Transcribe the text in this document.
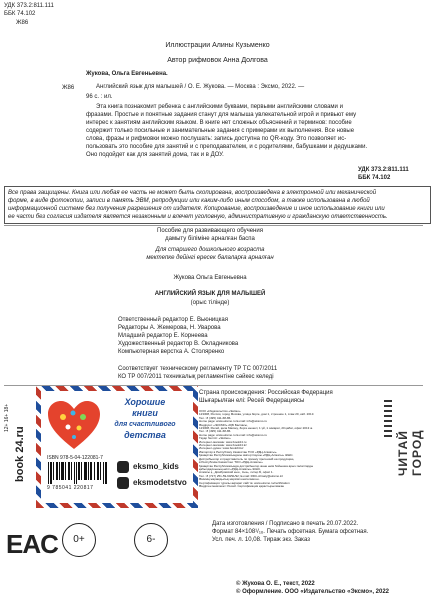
УДК 373.2:811.111
ББК 74.102
Ж86
Иллюстрации Алины Кузьменко
Автор рифмовок Анна Долгова
Ж86
Жукова, Ольга Евгеньевна.
Английский язык для малышей / О. Е. Жукова. — Москва : Эксмо, 2022. —
96 с. : ил.
Эта книга познакомит ребенка с английскими буквами, первыми английскими словами и
фразами. Простые и понятные задания станут для малыша увлекательной игрой и привьют ему
интерес к занятиям английским языком. В книге нет сложных объяснений и терминов: пособие
содержит только посильные и занимательные задания с примерами их выполнения. Все новые
слова, фразы и рифмовки можно послушать: запись доступна по QR-коду. Это позволяет ис-
пользовать это пособие для занятий и с преподавателем, и с родителями, бабушками и дедушками.
Оно подойдет как для занятий дома, так и в ДОУ.
УДК 373.2:811.111
ББК 74.102
Все права защищены. Книга или любая ее часть не может быть скопирована, воспроизведена в электронной или механической
форме, в виде фотокопии, записи в память ЭВМ, репродукции или каким-либо иным способом, а также использована в любой
информационной системе без получения разрешения от издателя. Копирование, воспроизведение и иное использование книги или
ее части без согласия издателя является незаконным и влечет уголовную, административную и гражданскую ответственность.
Пособие для развивающего обучения
дамыту бiлiмiне арналған баспа
Для старшего дошкольного возраста
мектепке дейiнгi ересек балаларға арналған
Жукова Ольга Евгеньевна
АНГЛИЙСКИЙ ЯЗЫК ДЛЯ МАЛЫШЕЙ
(орыс тiлiнде)
Ответственный редактор Е. Вьюницкая
Редакторы А. Жемерова, Н. Уварова
Младший редактор Е. Корнеева
Художественный редактор В. Окладникова
Компьютерная верстка А. Столяренко
Соответствует техническому регламенту ТР ТС 007/2011
КО ТР 007/2011 техникалық регламентiне сәйкес келедi
12+ 16+ 18+
Хорошие
книги
для счастливого
детства
ISBN 978-5-04-122081-7
9 785041 220817
eksmo_kids
eksmodetstvo
book 24.ru
Страна происхождения: Российская Федерация
Шығарылған елi: Ресей Федерациясы
ООО «Издательство «Эксмо»
123308, Россия, город Москва, улица Зорге, дом 1, строение 1, этаж 20, каб. 2013.
Тел.: 8 (495) 411-68-86.
Home page: www.eksmo.ru E-mail: info@eksmo.ru
Өндiрушi: «ЭКСМО» АҚБ Баспасы,
123308, Ресей, қала Мәскеу, Зорге көшесi, 1 үй, 1 ғимарат, 20 қабат, офис 2013 ж.
Тел.: 8 (495) 411-68-86.
Home page: www.eksmo.ru E-mail: info@eksmo.ru
Тауар белгiсi: «Эксмо»
Интернет-магазин: www.book24.ru
Интернет-магазин: www.book24.kz
Интернет-дүкен: www.book24.kz
Импортёр в Республику Казахстан ТОО «РДЦ-Алматы».
Қазақстан Республикасындағы импорттаушы «РДЦ-Алматы» ЖШС.
Дистрибьютор и представитель по приему претензий на продукцию,
в Республике Казахстан: ТОО «РДЦ-Алматы»
Қазақстан Республикасында дистрибьютор және өнiм бойынша арыз-талаптарды
қабылдаушының өкiлi «РДЦ-Алматы» ЖШС,
Алматы қ., Домбровский көш., 3«а», литер Б, офис 1.
Тел.: 8 (727) 251-59-90/91/92; E-mail: RDC-Almaty@eksmo.kz
Өнiмнiң жарамдылық мерзiмi шектелмеген.
Сертификация туралы ақпарат сайтта: www.eksmo.ru/certification
Өндiрген мемлекет: Ресей. Сертификация қарастырылмаған
ЧИТАЙ ГОРОД
EAC	0+	6-
Дата изготовления / Подписано в печать 20.07.2022.
Формат 84×108¹/₁₆. Печать офсетная. Бумага офсетная.
Усл. печ. л. 10,08. Тираж экз. Заказ
© Жукова О. Е., текст, 2022
© Оформление. ООО «Издательство «Эксмо», 2022
